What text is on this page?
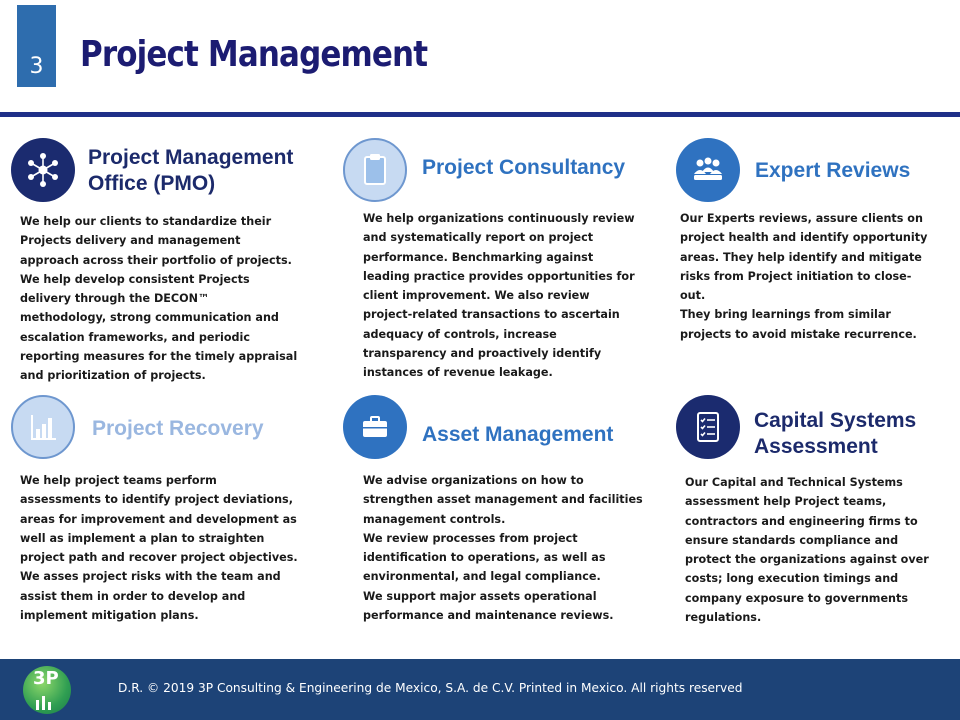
3 Project Management
Project Management
Office (PMO)
We help our clients to standardize their
Projects delivery and management
approach across their portfolio of projects.
We help develop consistent Projects
delivery through the DECON™
methodology, strong communication and
escalation frameworks, and periodic
reporting measures for the timely appraisal
and prioritization of projects.
Project Consultancy
We help organizations continuously review
and systematically report on project
performance. Benchmarking against
leading practice provides opportunities for
client improvement. We also review
project-related transactions to ascertain
adequacy of controls, increase
transparency and proactively identify
instances of revenue leakage.
Expert Reviews
Our Experts reviews, assure clients on
project health and identify opportunity
areas. They help identify and mitigate
risks from Project initiation to close-
out.
They bring learnings from similar
projects to avoid mistake recurrence.
Project Recovery
We help project teams perform
assessments to identify project deviations,
areas for improvement and development as
well as implement a plan to straighten
project path and recover project objectives.
We asses project risks with the team and
assist them in order to develop and
implement mitigation plans.
Asset Management
We advise organizations on how to
strengthen asset management and facilities
management controls.
We review processes from project
identification to operations, as well as
environmental, and legal compliance.
We support major assets operational
performance and maintenance reviews.
Capital Systems
Assessment
Our Capital and Technical Systems
assessment help Project teams,
contractors and engineering firms to
ensure standards compliance and
protect the organizations against over
costs; long execution timings and
company exposure to governments
regulations.
3P	D.R. © 2019 3P Consulting & Engineering de Mexico, S.A. de C.V. Printed in Mexico. All rights reserved
